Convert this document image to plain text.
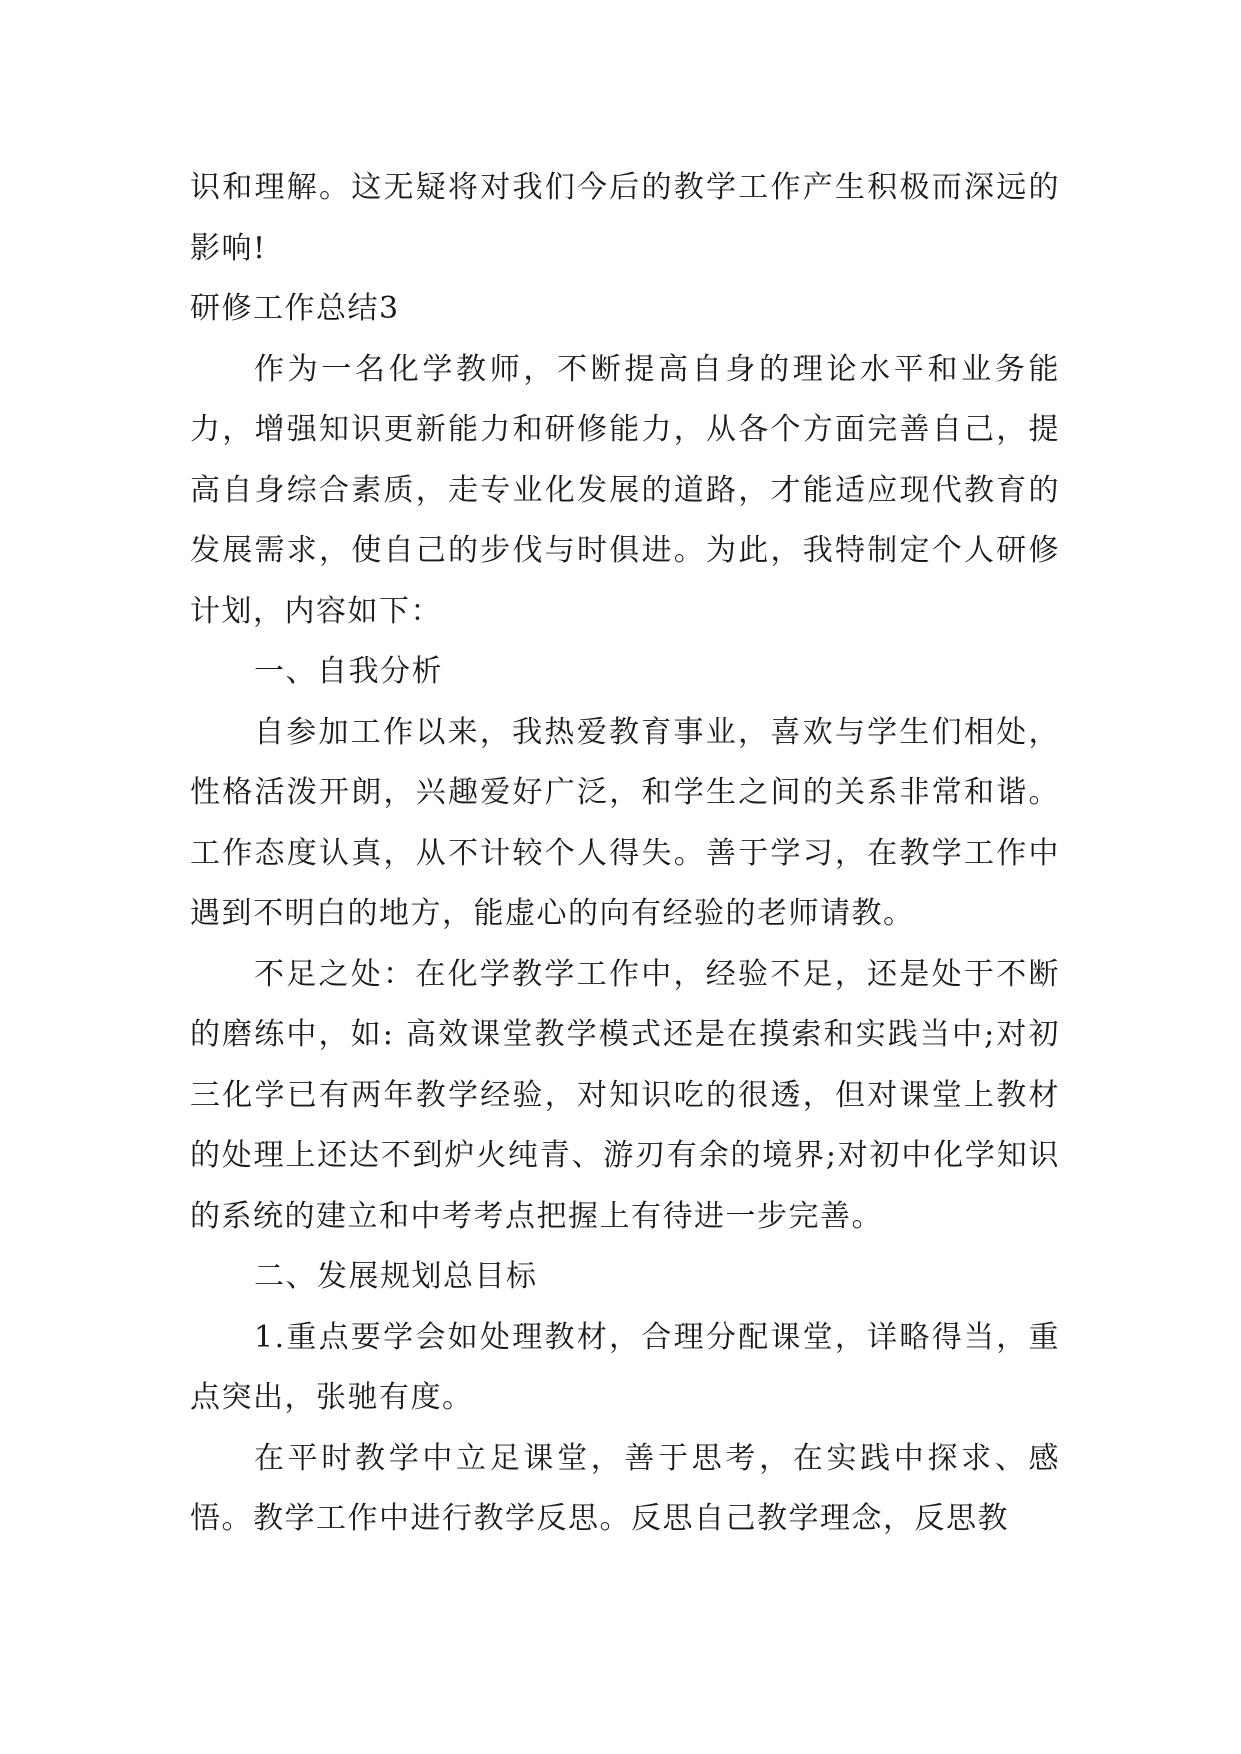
识和理解。这无疑将对我们今后的教学工作产生积极而深远的影响!

研修工作总结3

作为一名化学教师，不断提高自身的理论水平和业务能力，增强知识更新能力和研修能力，从各个方面完善自己，提高自身综合素质，走专业化发展的道路，才能适应现代教育的发展需求，使自己的步伐与时俱进。为此，我特制定个人研修计划，内容如下：

一、自我分析

自参加工作以来，我热爱教育事业，喜欢与学生们相处，性格活泼开朗，兴趣爱好广泛，和学生之间的关系非常和谐。工作态度认真，从不计较个人得失。善于学习，在教学工作中遇到不明白的地方，能虚心的向有经验的老师请教。

不足之处：在化学教学工作中，经验不足，还是处于不断的磨练中，如: 高效课堂教学模式还是在摸索和实践当中;对初三化学已有两年教学经验，对知识吃的很透，但对课堂上教材的处理上还达不到炉火纯青、游刃有余的境界;对初中化学知识的系统的建立和中考考点把握上有待进一步完善。

二、发展规划总目标

1.重点要学会如处理教材，合理分配课堂，详略得当，重点突出，张驰有度。

在平时教学中立足课堂，善于思考，在实践中探求、感悟。教学工作中进行教学反思。反思自己教学理念，反思教
